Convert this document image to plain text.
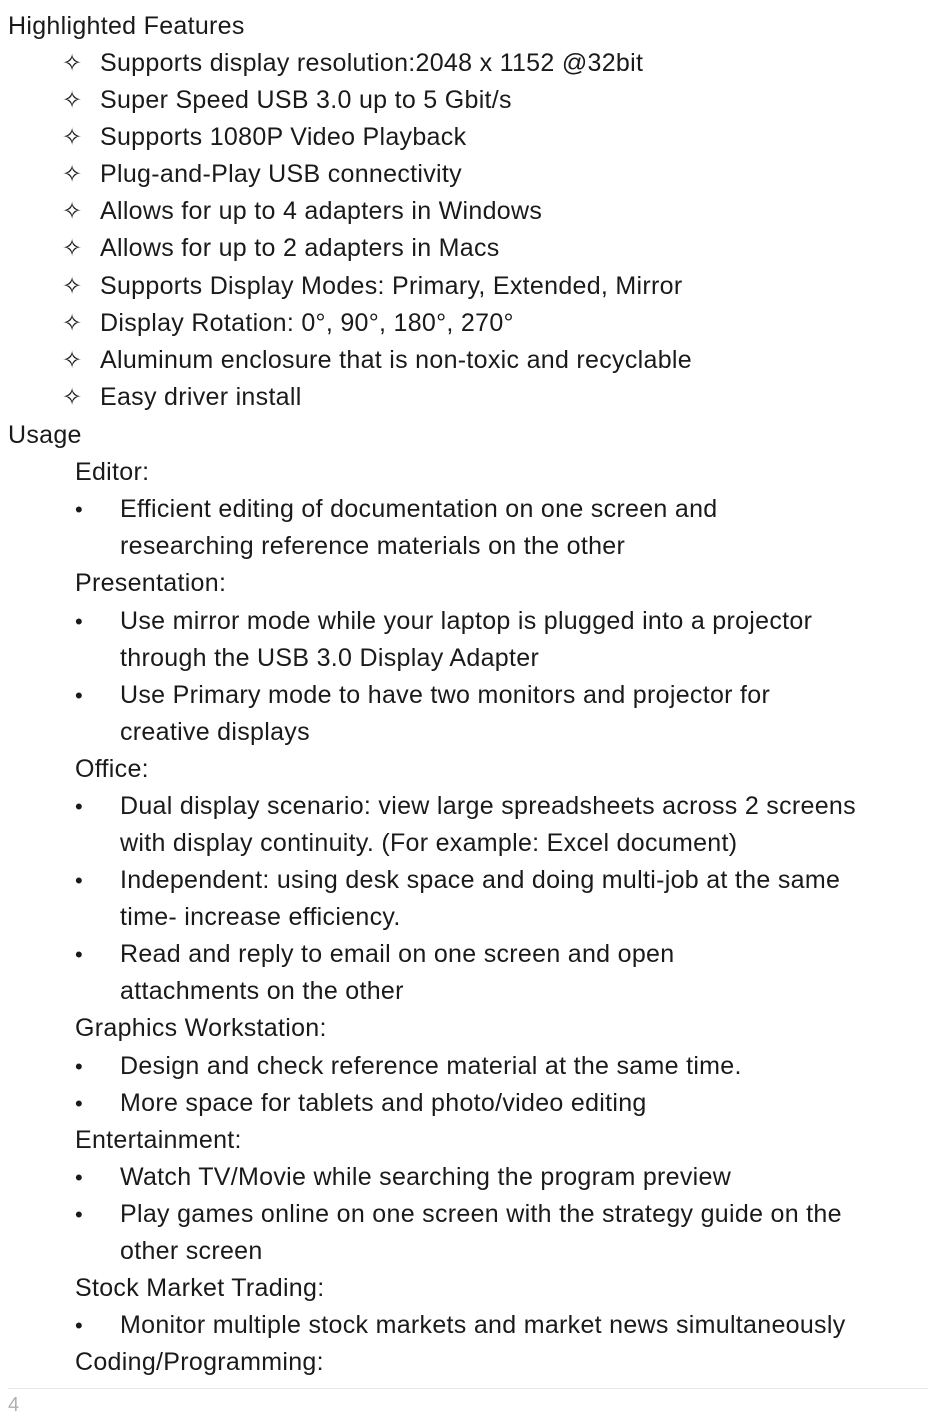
Highlighted Features
✧ Supports display resolution:2048 x 1152 @32bit
✧ Super Speed USB 3.0 up to 5 Gbit/s
✧ Supports 1080P Video Playback
✧ Plug-and-Play USB connectivity
✧ Allows for up to 4 adapters in Windows
✧ Allows for up to 2 adapters in Macs
✧ Supports Display Modes: Primary, Extended, Mirror
✧ Display Rotation: 0°, 90°, 180°, 270°
✧ Aluminum enclosure that is non-toxic and recyclable
✧ Easy driver install
Usage
Editor:
• Efficient editing of documentation on one screen and
researching reference materials on the other
Presentation:
• Use mirror mode while your laptop is plugged into a projector
through the USB 3.0 Display Adapter
• Use Primary mode to have two monitors and projector for
creative displays
Office:
• Dual display scenario: view large spreadsheets across 2 screens
with display continuity. (For example: Excel document)
• Independent: using desk space and doing multi-job at the same
time- increase efficiency.
• Read and reply to email on one screen and open
attachments on the other
Graphics Workstation:
• Design and check reference material at the same time.
• More space for tablets and photo/video editing
Entertainment:
• Watch TV/Movie while searching the program preview
• Play games online on one screen with the strategy guide on the
other screen
Stock Market Trading:
• Monitor multiple stock markets and market news simultaneously
Coding/Programming:
4
